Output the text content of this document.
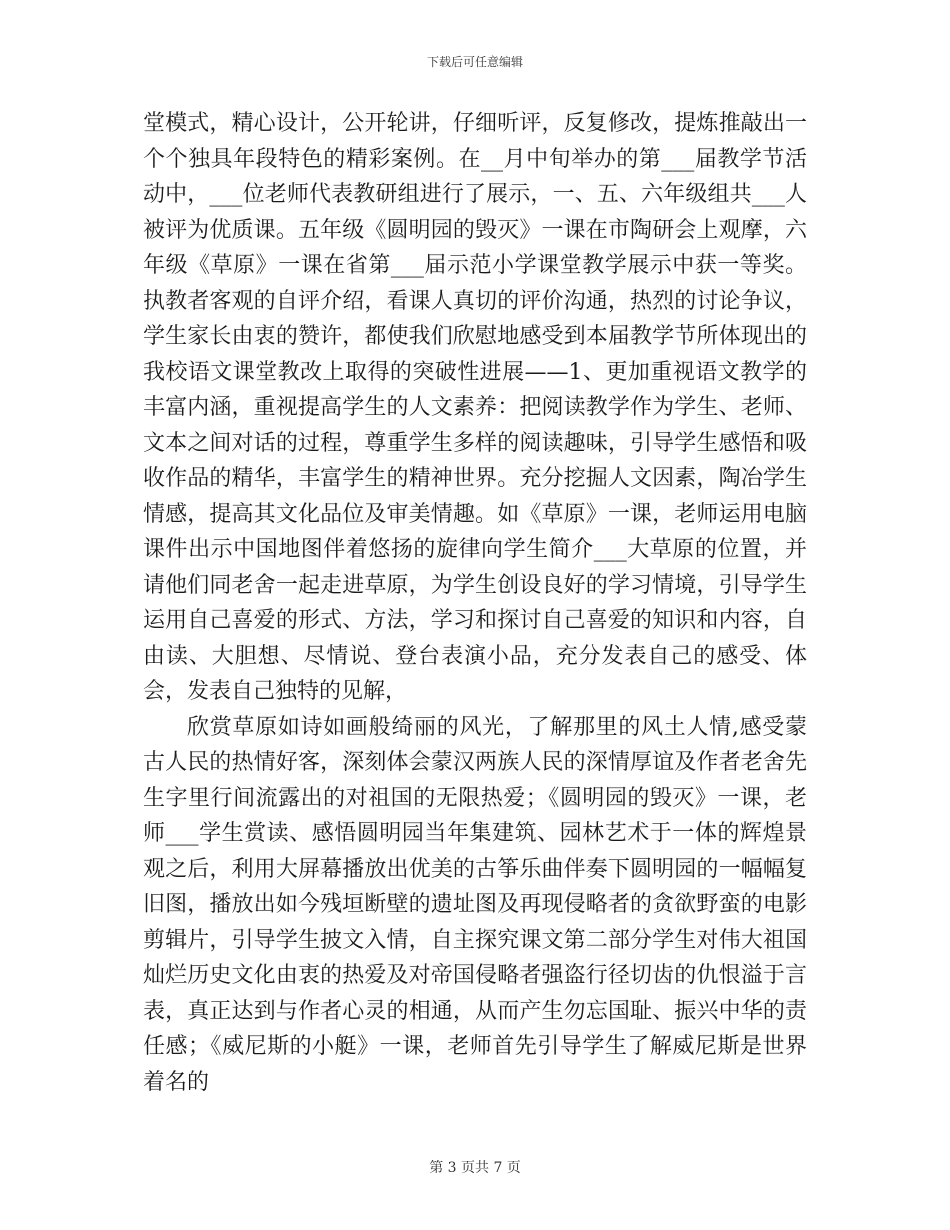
下载后可任意编辑

堂模式，精心设计，公开轮讲，仔细听评，反复修改，提炼推敲出一个个独具年段特色的精彩案例。在__月中旬举办的第___届教学节活动中，___位老师代表教研组进行了展示，一、五、六年级组共___人被评为优质课。五年级《圆明园的毁灭》一课在市陶研会上观摩，六年级《草原》一课在省第___届示范小学课堂教学展示中获一等奖。执教者客观的自评介绍，看课人真切的评价沟通，热烈的讨论争议，学生家长由衷的赞许，都使我们欣慰地感受到本届教学节所体现出的我校语文课堂教改上取得的突破性进展——1、更加重视语文教学的丰富内涵，重视提高学生的人文素养：把阅读教学作为学生、老师、文本之间对话的过程，尊重学生多样的阅读趣味，引导学生感悟和吸收作品的精华，丰富学生的精神世界。充分挖掘人文因素，陶冶学生情感，提高其文化品位及审美情趣。如《草原》一课，老师运用电脑课件出示中国地图伴着悠扬的旋律向学生简介___大草原的位置，并请他们同老舍一起走进草原，为学生创设良好的学习情境，引导学生运用自己喜爱的形式、方法，学习和探讨自己喜爱的知识和内容，自由读、大胆想、尽情说、登台表演小品，充分发表自己的感受、体会，发表自己独特的见解，

欣赏草原如诗如画般绮丽的风光，了解那里的风土人情,感受蒙古人民的热情好客，深刻体会蒙汉两族人民的深情厚谊及作者老舍先生字里行间流露出的对祖国的无限热爱；《圆明园的毁灭》一课，老师___学生赏读、感悟圆明园当年集建筑、园林艺术于一体的辉煌景观之后，利用大屏幕播放出优美的古筝乐曲伴奏下圆明园的一幅幅复旧图，播放出如今残垣断壁的遗址图及再现侵略者的贪欲野蛮的电影剪辑片，引导学生披文入情，自主探究课文第二部分学生对伟大祖国灿烂历史文化由衷的热爱及对帝国侵略者强盗行径切齿的仇恨溢于言表，真正达到与作者心灵的相通，从而产生勿忘国耻、振兴中华的责任感；《威尼斯的小艇》一课，老师首先引导学生了解威尼斯是世界着名的

第 3 页共 7 页
